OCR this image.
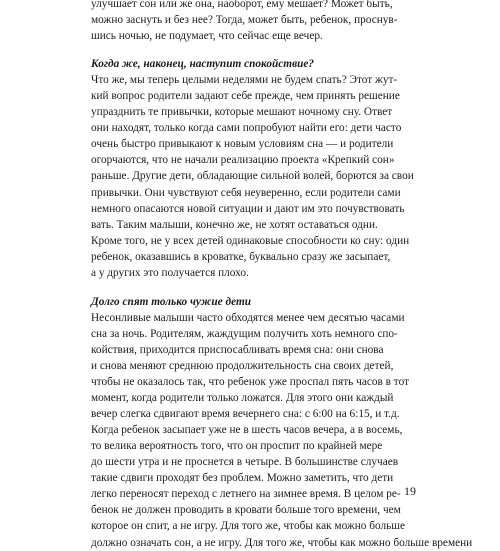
улучшает сон или же она, наоборот, ему мешает? Может быть,
можно заснуть и без нее? Тогда, может быть, ребенок, проснув-
шись ночью, не подумает, что сейчас еще вечер.
Когда же, наконец, наступит спокойствие?
Что же, мы теперь целыми неделями не будем спать? Этот жут-
кий вопрос родители задают себе прежде, чем принять решение
упразднить те привычки, которые мешают ночному сну. Ответ
они находят, только когда сами попробуют найти его: дети часто
очень быстро привыкают к новым условиям сна — и родители
огорчаются, что не начали реализацию проекта «Крепкий сон»
раньше. Другие дети, обладающие сильной волей, борются за свои
привычки. Они чувствуют себя неуверенно, если родители сами
немного опасаются новой ситуации и дают им это почувствовать
вать. Таким малыши, конечно же, не хотят оставаться одни.
Кроме того, не у всех детей одинаковые способности ко сну: один
ребенок, оказавшись в кроватке, буквально сразу же засыпает,
а у других это получается плохо.
Долго спят только чужие дети
Несонливые малыши часто обходятся менее чем десятью часами
сна за ночь. Родителям, жаждущим получить хоть немного спо-
койствия, приходится приспосабливать время сна: они снова
и снова меняют среднюю продолжительность сна своих детей,
чтобы не оказалось так, что ребенок уже проспал пять часов в тот
момент, когда родители только ложатся. Для этого они каждый
вечер слегка сдвигают время вечернего сна: с 6:00 на 6:15, и т.д.
Когда ребенок засыпает уже не в шесть часов вечера, а в восемь,
то велика вероятность того, что он проспит по крайней мере
до шести утра и не проснется в четыре. В большинстве случаев
такие сдвиги проходят без проблем. Можно заметить, что дети
легко переносят переход с летнего на зимнее время. В целом ре-
бенок не должен проводить в кровати больше того времени, чем
которое он спит, а не игру. Для того же, чтобы как можно больше
должно означать сон, а не игру. Для того же, чтобы как можно больше времени
19
